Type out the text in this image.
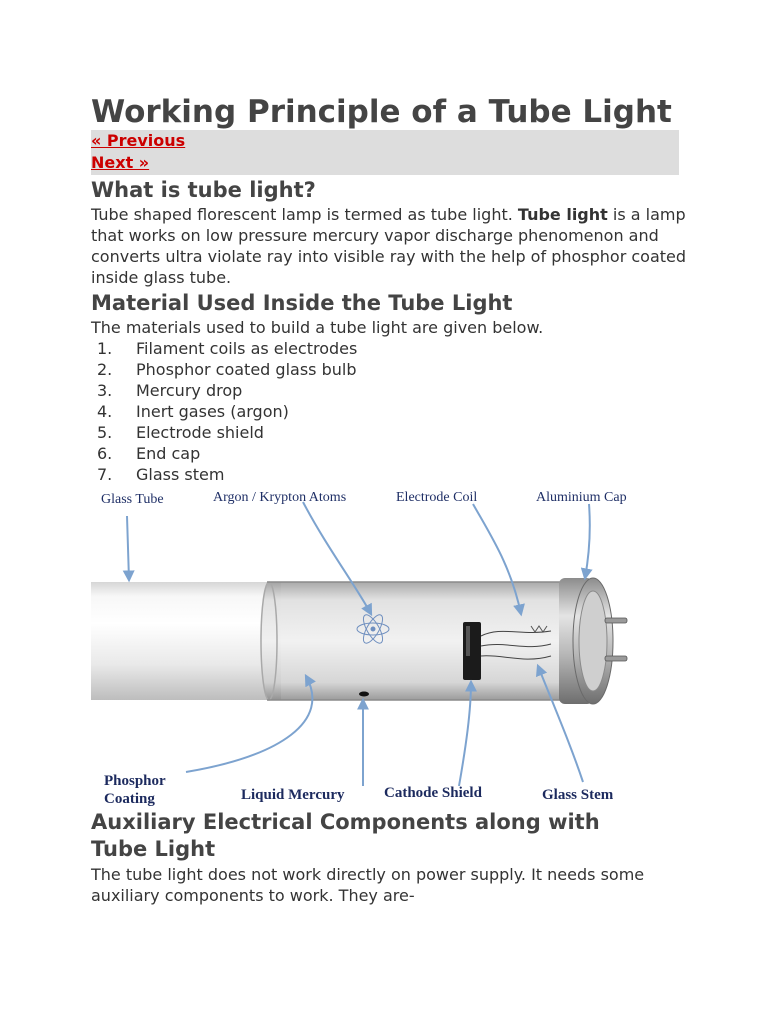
Working Principle of a Tube Light
« Previous
Next »
What is tube light?

Tube shaped florescent lamp is termed as tube light. Tube light is a lamp that works on low pressure mercury vapor discharge phenomenon and converts ultra violate ray into visible ray with the help of phosphor coated inside glass tube.

Material Used Inside the Tube Light

The materials used to build a tube light are given below.

1.	Filament coils as electrodes
2.	Phosphor coated glass bulb
3.	Mercury drop
4.	Inert gases (argon)
5.	Electrode shield
6.	End cap
7.	Glass stem
Glass Tube	Argon / Krypton Atoms	Electrode Coil	Aluminium Cap
Phosphor
Coating	Liquid Mercury	Cathode Shield	Glass Stem
Auxiliary Electrical Components along with
Tube Light

The tube light does not work directly on power supply. It needs some auxiliary components to work. They are-
